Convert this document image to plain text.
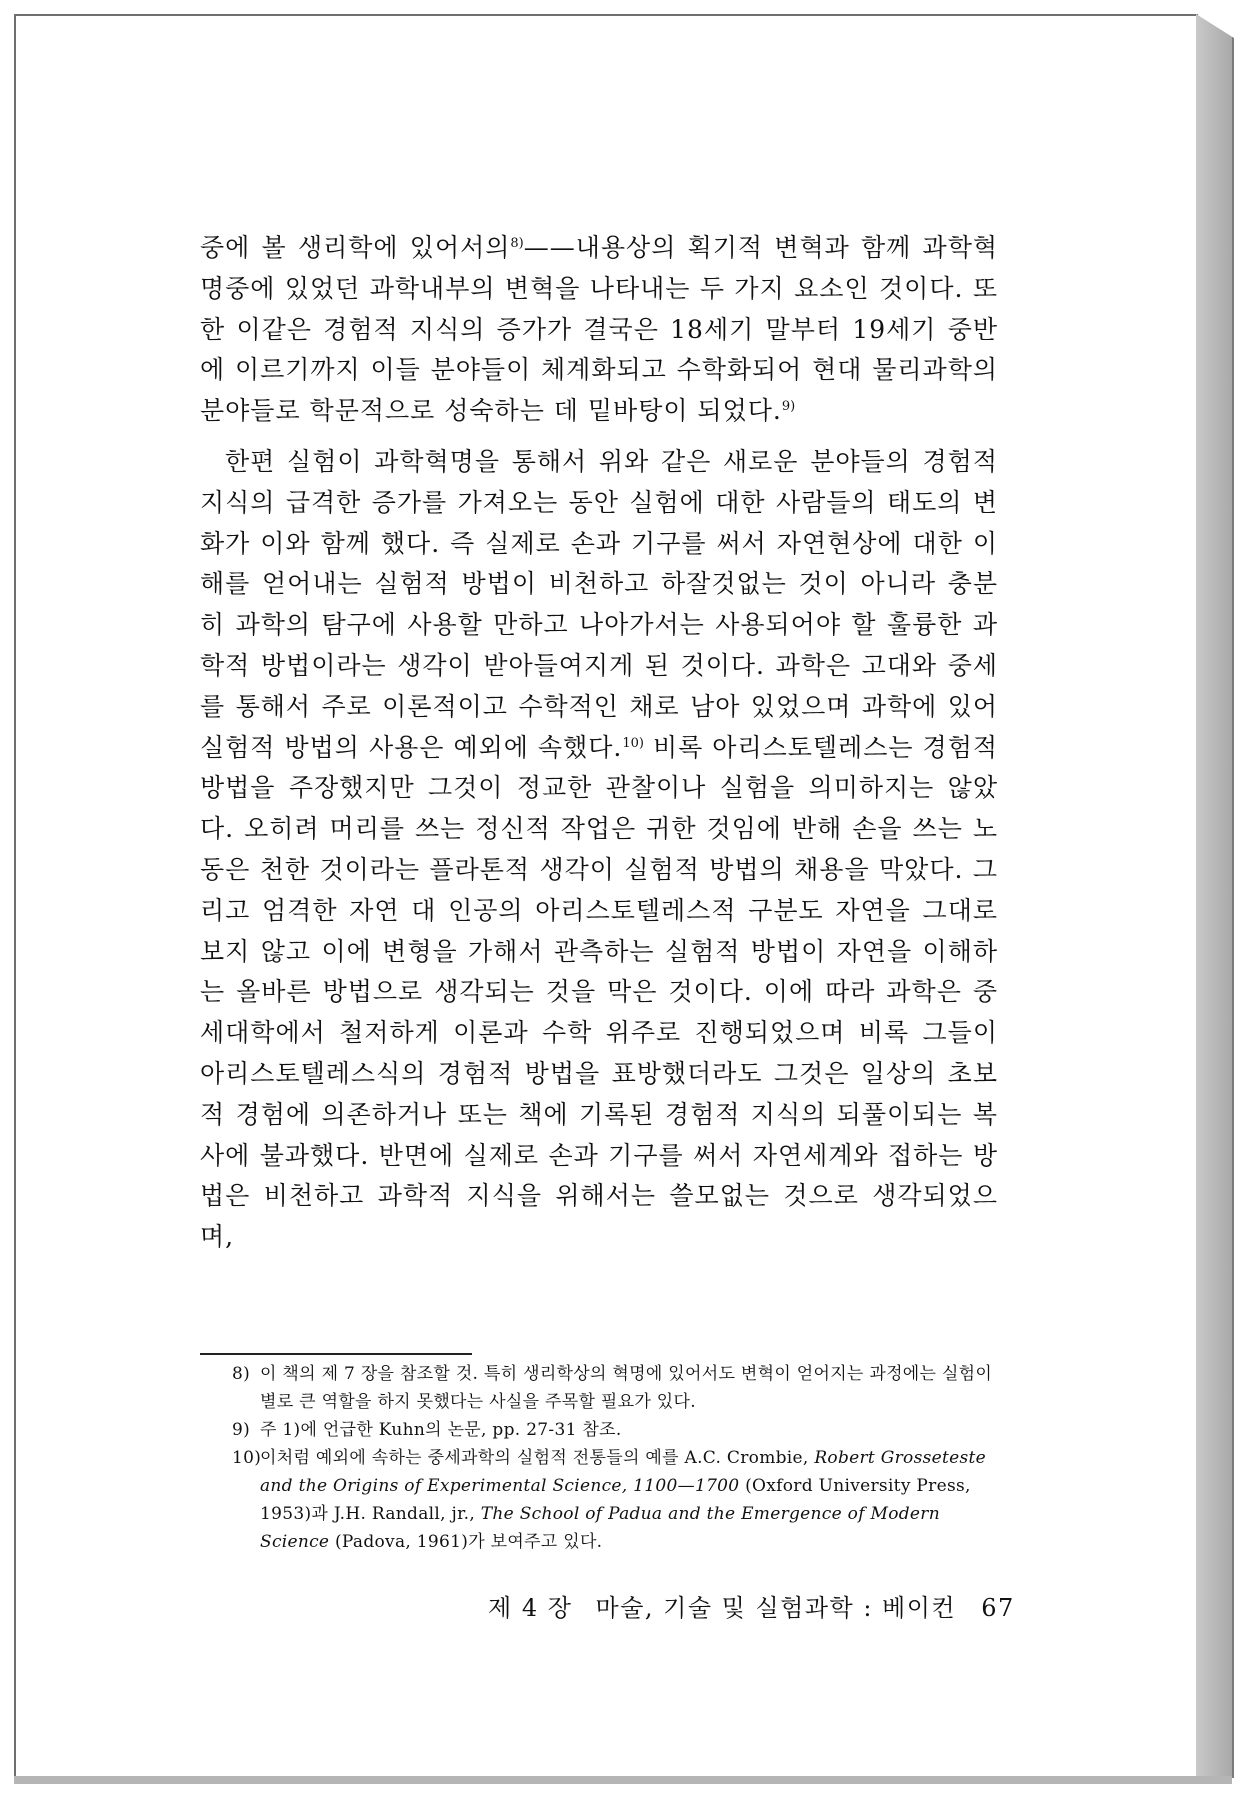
중에 볼 생리학에 있어서의$^{8)}$——내용상의 획기적 변혁과 함께 과학혁명중에 있었던 과학내부의 변혁을 나타내는 두 가지 요소인 것이다. 또한 이같은 경험적 지식의 증가가 결국은 18세기 말부터 19세기 중반에 이르기까지 이들 분야들이 체계화되고 수학화되어 현대 물리과학의 분야들로 학문적으로 성숙하는 데 밑바탕이 되었다.$^{9)}$

한편 실험이 과학혁명을 통해서 위와 같은 새로운 분야들의 경험적 지식의 급격한 증가를 가져오는 동안 실험에 대한 사람들의 태도의 변화가 이와 함께 했다. 즉 실제로 손과 기구를 써서 자연현상에 대한 이해를 얻어내는 실험적 방법이 비천하고 하잘것없는 것이 아니라 충분히 과학의 탐구에 사용할 만하고 나아가서는 사용되어야 할 훌륭한 과학적 방법이라는 생각이 받아들여지게 된 것이다. 과학은 고대와 중세를 통해서 주로 이론적이고 수학적인 채로 남아 있었으며 과학에 있어 실험적 방법의 사용은 예외에 속했다.$^{10)}$ 비록 아리스토텔레스는 경험적 방법을 주장했지만 그것이 정교한 관찰이나 실험을 의미하지는 않았다. 오히려 머리를 쓰는 정신적 작업은 귀한 것임에 반해 손을 쓰는 노동은 천한 것이라는 플라톤적 생각이 실험적 방법의 채용을 막았다. 그리고 엄격한 자연 대 인공의 아리스토텔레스적 구분도 자연을 그대로 보지 않고 이에 변형을 가해서 관측하는 실험적 방법이 자연을 이해하는 올바른 방법으로 생각되는 것을 막은 것이다. 이에 따라 과학은 중세대학에서 철저하게 이론과 수학 위주로 진행되었으며 비록 그들이 아리스토텔레스식의 경험적 방법을 표방했더라도 그것은 일상의 초보적 경험에 의존하거나 또는 책에 기록된 경험적 지식의 되풀이되는 복사에 불과했다. 반면에 실제로 손과 기구를 써서 자연세계와 접하는 방법은 비천하고 과학적 지식을 위해서는 쓸모없는 것으로 생각되었으며,

8) 이 책의 제 7 장을 참조할 것. 특히 생리학상의 혁명에 있어서도 변혁이 얻어지는 과정에는 실험이 별로 큰 역할을 하지 못했다는 사실을 주목할 필요가 있다.

9) 주 1)에 언급한 Kuhn의 논문, pp. 27-31 참조.

10)
이처럼 예외에 속하는 중세과학의 실험적 전통들의 예를 A.C. Crombie, Robert Grosseteste and the Origins of Experimental Science, 1100—1700 (Oxford University Press, 1953)과 J.H. Randall, jr., The School of Padua and the Emergence of Modern Science (Padova, 1961)가 보여주고 있다.

제 4 장 마술, 기술 및 실험과학 : 베이컨 67
